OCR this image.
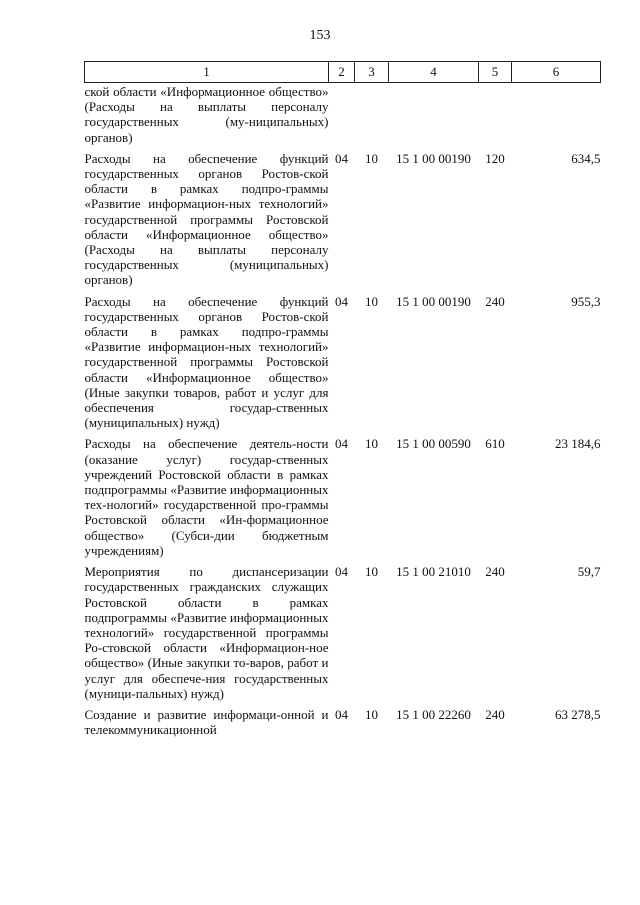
153
1	2	3	4	5	6
ской области «Информационное общество» (Расходы на выплаты персоналу государственных (му-ниципальных) органов)					
Расходы на обеспечение функций государственных органов Ростов-ской области в рамках подпро-граммы «Развитие информацион-ных технологий» государственной программы Ростовской области «Информационное общество» (Расходы на выплаты персоналу государственных (муниципальных) органов)	04	10	15 1 00 00190	120	634,5
Расходы на обеспечение функций государственных органов Ростов-ской области в рамках подпро-граммы «Развитие информацион-ных технологий» государственной программы Ростовской области «Информационное общество» (Иные закупки товаров, работ и услуг для обеспечения государ-ственных (муниципальных) нужд)	04	10	15 1 00 00190	240	955,3
Расходы на обеспечение деятель-ности (оказание услуг) государ-ственных учреждений Ростовской области в рамках подпрограммы «Развитие информационных тех-нологий» государственной про-граммы Ростовской области «Ин-формационное общество» (Субси-дии бюджетным учреждениям)	04	10	15 1 00 00590	610	23 184,6
Мероприятия по диспансеризации государственных гражданских служащих Ростовской области в рамках подпрограммы «Развитие информационных технологий» государственной программы Ро-стовской области «Информацион-ное общество» (Иные закупки то-варов, работ и услуг для обеспече-ния государственных (муници-пальных) нужд)	04	10	15 1 00 21010	240	59,7
Создание и развитие информаци-онной и телекоммуникационной	04	10	15 1 00 22260	240	63 278,5
